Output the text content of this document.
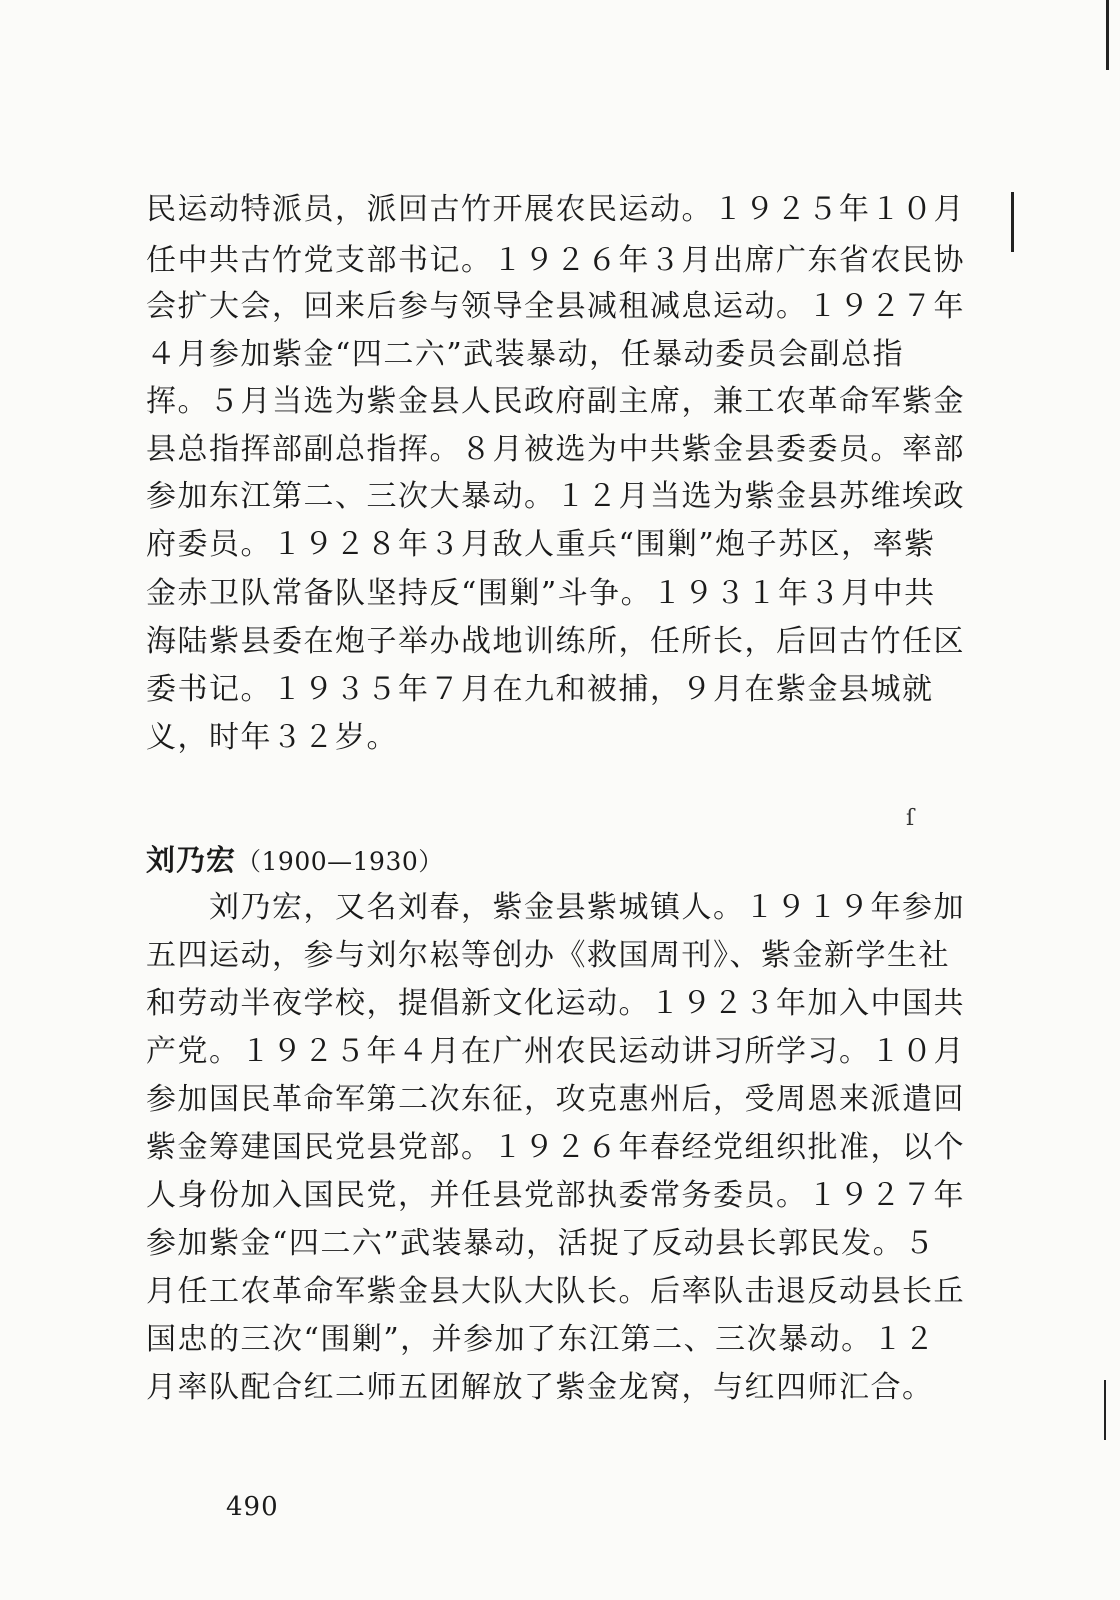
民运动特派员，派回古竹开展农民运动。１９２５年１０月
任中共古竹党支部书记。１９２６年３月出席广东省农民协
会扩大会，回来后参与领导全县减租减息运动。１９２７年
４月参加紫金“四二六”武装暴动，任暴动委员会副总指
挥。５月当选为紫金县人民政府副主席，兼工农革命军紫金
县总指挥部副总指挥。８月被选为中共紫金县委委员。率部
参加东江第二、三次大暴动。１２月当选为紫金县苏维埃政
府委员。１９２８年３月敌人重兵“围剿”炮子苏区，率紫
金赤卫队常备队坚持反“围剿”斗争。１９３１年３月中共
海陆紫县委在炮子举办战地训练所，任所长，后回古竹任区
委书记。１９３５年７月在九和被捕，９月在紫金县城就
义，时年３２岁。
刘乃宏（1900—1930）
　　刘乃宏，又名刘春，紫金县紫城镇人。１９１９年参加
五四运动，参与刘尔崧等创办《救国周刊》、紫金新学生社
和劳动半夜学校，提倡新文化运动。１９２３年加入中国共
产党。１９２５年４月在广州农民运动讲习所学习。１０月
参加国民革命军第二次东征，攻克惠州后，受周恩来派遣回
紫金筹建国民党县党部。１９２６年春经党组织批准，以个
人身份加入国民党，并任县党部执委常务委员。１９２７年
参加紫金“四二六”武装暴动，活捉了反动县长郭民发。５
月任工农革命军紫金县大队大队长。后率队击退反动县长丘
国忠的三次“围剿”，并参加了东江第二、三次暴动。１２
月率队配合红二师五团解放了紫金龙窝，与红四师汇合。
490
ſ
